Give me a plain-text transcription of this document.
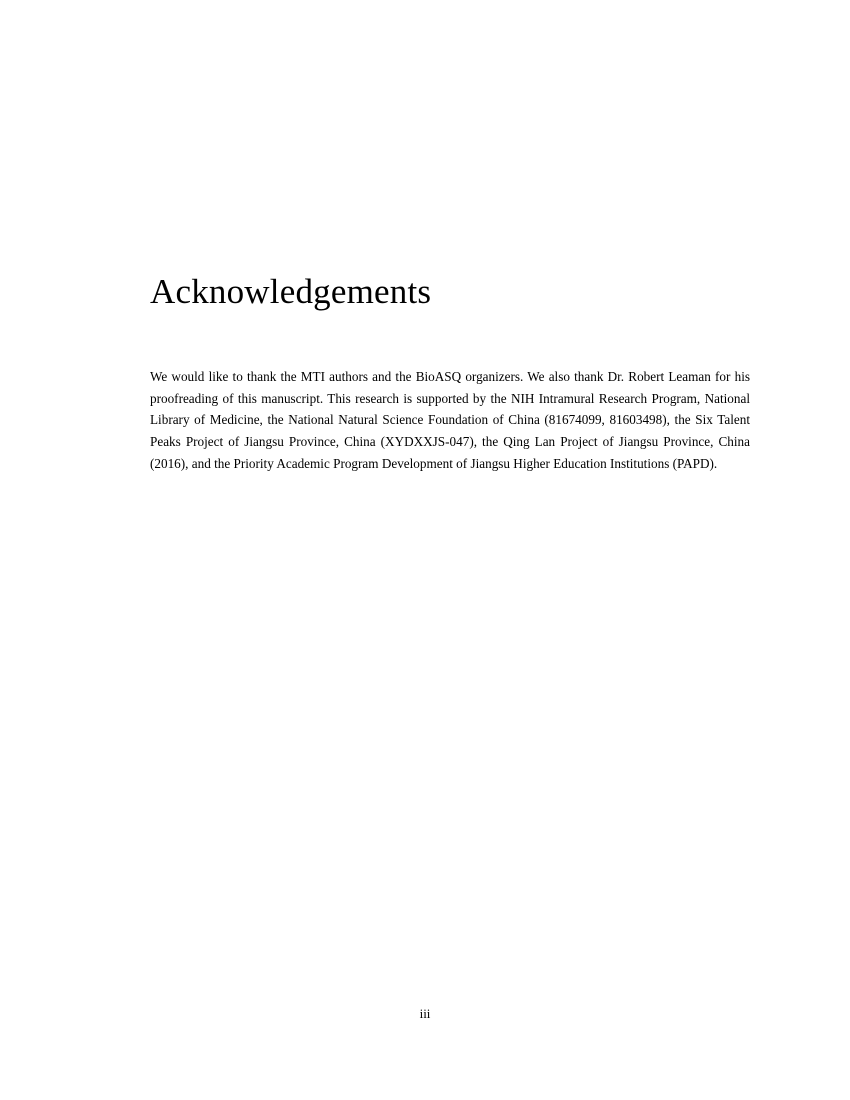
Acknowledgements

We would like to thank the MTI authors and the BioASQ organizers. We also thank Dr. Robert Leaman for his proofreading of this manuscript. This research is supported by the NIH Intramural Research Program, National Library of Medicine, the National Natural Science Foundation of China (81674099, 81603498), the Six Talent Peaks Project of Jiangsu Province, China (XYDXXJS-047), the Qing Lan Project of Jiangsu Province, China (2016), and the Priority Academic Program Development of Jiangsu Higher Education Institutions (PAPD).

iii
